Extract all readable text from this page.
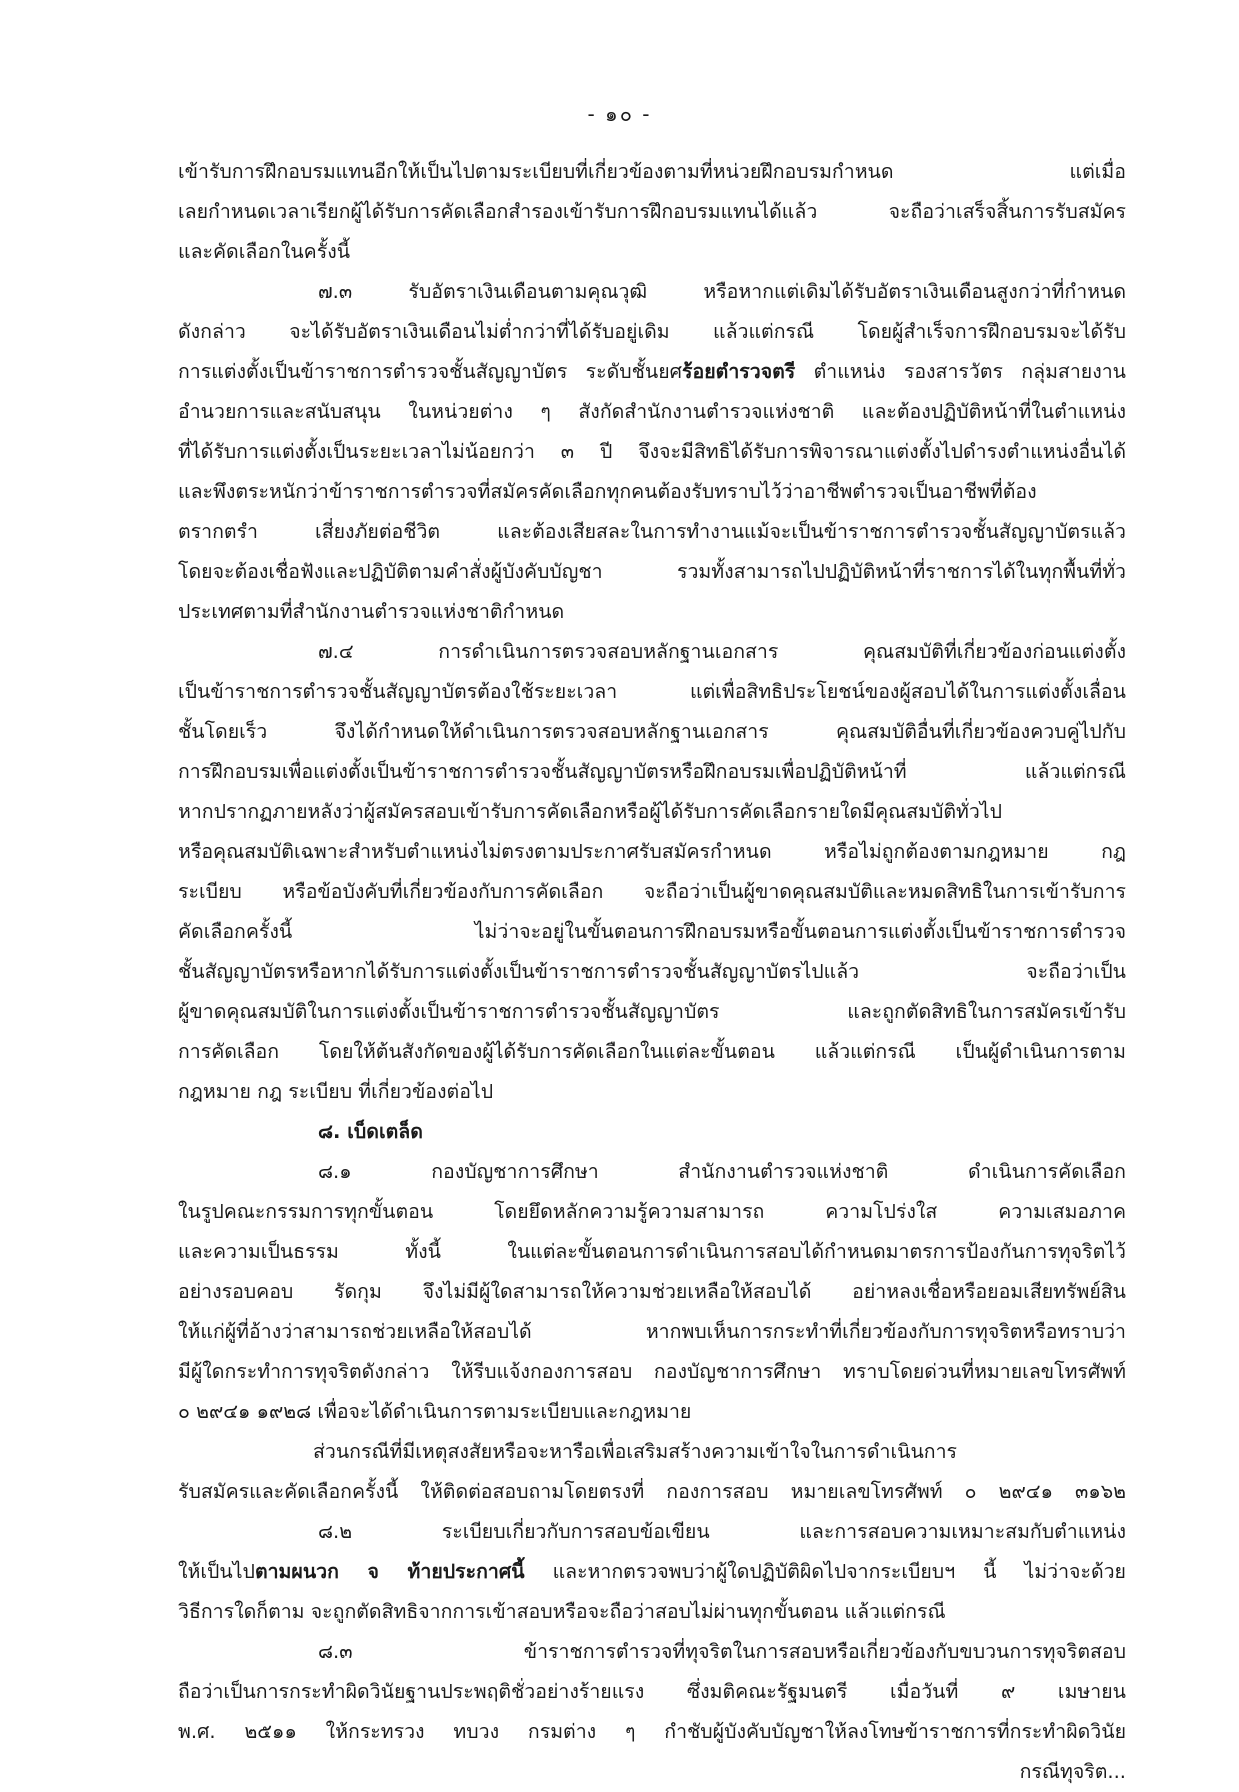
- ๑๐ -
เข้ารับการฝึกอบรมแทนอีกให้เป็นไปตามระเบียบที่เกี่ยวข้องตามที่หน่วยฝึกอบรมกำหนด แต่เมื่อ
เลยกำหนดเวลาเรียกผู้ได้รับการคัดเลือกสำรองเข้ารับการฝึกอบรมแทนได้แล้ว จะถือว่าเสร็จสิ้นการรับสมัคร
และคัดเลือกในครั้งนี้
๗.๓ รับอัตราเงินเดือนตามคุณวุฒิ หรือหากแต่เดิมได้รับอัตราเงินเดือนสูงกว่าที่กำหนด
ดังกล่าว จะได้รับอัตราเงินเดือนไม่ต่ำกว่าที่ได้รับอยู่เดิม แล้วแต่กรณี โดยผู้สำเร็จการฝึกอบรมจะได้รับ
การแต่งตั้งเป็นข้าราชการตำรวจชั้นสัญญาบัตร ระดับชั้นยศร้อยตำรวจตรี ตำแหน่ง รองสารวัตร กลุ่มสายงาน
อำนวยการและสนับสนุน ในหน่วยต่าง ๆ สังกัดสำนักงานตำรวจแห่งชาติ และต้องปฏิบัติหน้าที่ในตำแหน่ง
ที่ได้รับการแต่งตั้งเป็นระยะเวลาไม่น้อยกว่า ๓ ปี จึงจะมีสิทธิได้รับการพิจารณาแต่งตั้งไปดำรงตำแหน่งอื่นได้
และพึงตระหนักว่าข้าราชการตำรวจที่สมัครคัดเลือกทุกคนต้องรับทราบไว้ว่าอาชีพตำรวจเป็นอาชีพที่ต้อง
ตรากตรำ เสี่ยงภัยต่อชีวิต และต้องเสียสละในการทำงานแม้จะเป็นข้าราชการตำรวจชั้นสัญญาบัตรแล้ว
โดยจะต้องเชื่อฟังและปฏิบัติตามคำสั่งผู้บังคับบัญชา รวมทั้งสามารถไปปฏิบัติหน้าที่ราชการได้ในทุกพื้นที่ทั่ว
ประเทศตามที่สำนักงานตำรวจแห่งชาติกำหนด
๗.๔ การดำเนินการตรวจสอบหลักฐานเอกสาร คุณสมบัติที่เกี่ยวข้องก่อนแต่งตั้ง
เป็นข้าราชการตำรวจชั้นสัญญาบัตรต้องใช้ระยะเวลา แต่เพื่อสิทธิประโยชน์ของผู้สอบได้ในการแต่งตั้งเลื่อน
ชั้นโดยเร็ว จึงได้กำหนดให้ดำเนินการตรวจสอบหลักฐานเอกสาร คุณสมบัติอื่นที่เกี่ยวข้องควบคู่ไปกับ
การฝึกอบรมเพื่อแต่งตั้งเป็นข้าราชการตำรวจชั้นสัญญาบัตรหรือฝึกอบรมเพื่อปฏิบัติหน้าที่ แล้วแต่กรณี
หากปรากฏภายหลังว่าผู้สมัครสอบเข้ารับการคัดเลือกหรือผู้ได้รับการคัดเลือกรายใดมีคุณสมบัติทั่วไป
หรือคุณสมบัติเฉพาะสำหรับตำแหน่งไม่ตรงตามประกาศรับสมัครกำหนด หรือไม่ถูกต้องตามกฎหมาย กฎ
ระเบียบ หรือข้อบังคับที่เกี่ยวข้องกับการคัดเลือก จะถือว่าเป็นผู้ขาดคุณสมบัติและหมดสิทธิในการเข้ารับการ
คัดเลือกครั้งนี้ ไม่ว่าจะอยู่ในขั้นตอนการฝึกอบรมหรือขั้นตอนการแต่งตั้งเป็นข้าราชการตำรวจ
ชั้นสัญญาบัตรหรือหากได้รับการแต่งตั้งเป็นข้าราชการตำรวจชั้นสัญญาบัตรไปแล้ว จะถือว่าเป็น
ผู้ขาดคุณสมบัติในการแต่งตั้งเป็นข้าราชการตำรวจชั้นสัญญาบัตร และถูกตัดสิทธิในการสมัครเข้ารับ
การคัดเลือก โดยให้ต้นสังกัดของผู้ได้รับการคัดเลือกในแต่ละขั้นตอน แล้วแต่กรณี เป็นผู้ดำเนินการตาม
กฎหมาย กฎ ระเบียบ ที่เกี่ยวข้องต่อไป
๘. เบ็ดเตล็ด
๘.๑ กองบัญชาการศึกษา สำนักงานตำรวจแห่งชาติ ดำเนินการคัดเลือก
ในรูปคณะกรรมการทุกขั้นตอน โดยยึดหลักความรู้ความสามารถ ความโปร่งใส ความเสมอภาค
และความเป็นธรรม ทั้งนี้ ในแต่ละขั้นตอนการดำเนินการสอบได้กำหนดมาตรการป้องกันการทุจริตไว้
อย่างรอบคอบ รัดกุม จึงไม่มีผู้ใดสามารถให้ความช่วยเหลือให้สอบได้ อย่าหลงเชื่อหรือยอมเสียทรัพย์สิน
ให้แก่ผู้ที่อ้างว่าสามารถช่วยเหลือให้สอบได้ หากพบเห็นการกระทำที่เกี่ยวข้องกับการทุจริตหรือทราบว่า
มีผู้ใดกระทำการทุจริตดังกล่าว ให้รีบแจ้งกองการสอบ กองบัญชาการศึกษา ทราบโดยด่วนที่หมายเลขโทรศัพท์
๐ ๒๙๔๑ ๑๙๒๘ เพื่อจะได้ดำเนินการตามระเบียบและกฎหมาย
ส่วนกรณีที่มีเหตุสงสัยหรือจะหารือเพื่อเสริมสร้างความเข้าใจในการดำเนินการ
รับสมัครและคัดเลือกครั้งนี้ ให้ติดต่อสอบถามโดยตรงที่ กองการสอบ หมายเลขโทรศัพท์ ๐ ๒๙๔๑ ๓๑๖๒
๘.๒ ระเบียบเกี่ยวกับการสอบข้อเขียน และการสอบความเหมาะสมกับตำแหน่ง
ให้เป็นไปตามผนวก จ ท้ายประกาศนี้ และหากตรวจพบว่าผู้ใดปฏิบัติผิดไปจากระเบียบฯ นี้ ไม่ว่าจะด้วย
วิธีการใดก็ตาม จะถูกตัดสิทธิจากการเข้าสอบหรือจะถือว่าสอบไม่ผ่านทุกขั้นตอน แล้วแต่กรณี
๘.๓ ข้าราชการตำรวจที่ทุจริตในการสอบหรือเกี่ยวข้องกับขบวนการทุจริตสอบ
ถือว่าเป็นการกระทำผิดวินัยฐานประพฤติชั่วอย่างร้ายแรง ซึ่งมติคณะรัฐมนตรี เมื่อวันที่ ๙ เมษายน
พ.ศ. ๒๕๑๑ ให้กระทรวง ทบวง กรมต่าง ๆ กำชับผู้บังคับบัญชาให้ลงโทษข้าราชการที่กระทำผิดวินัย
กรณีทุจริต...
